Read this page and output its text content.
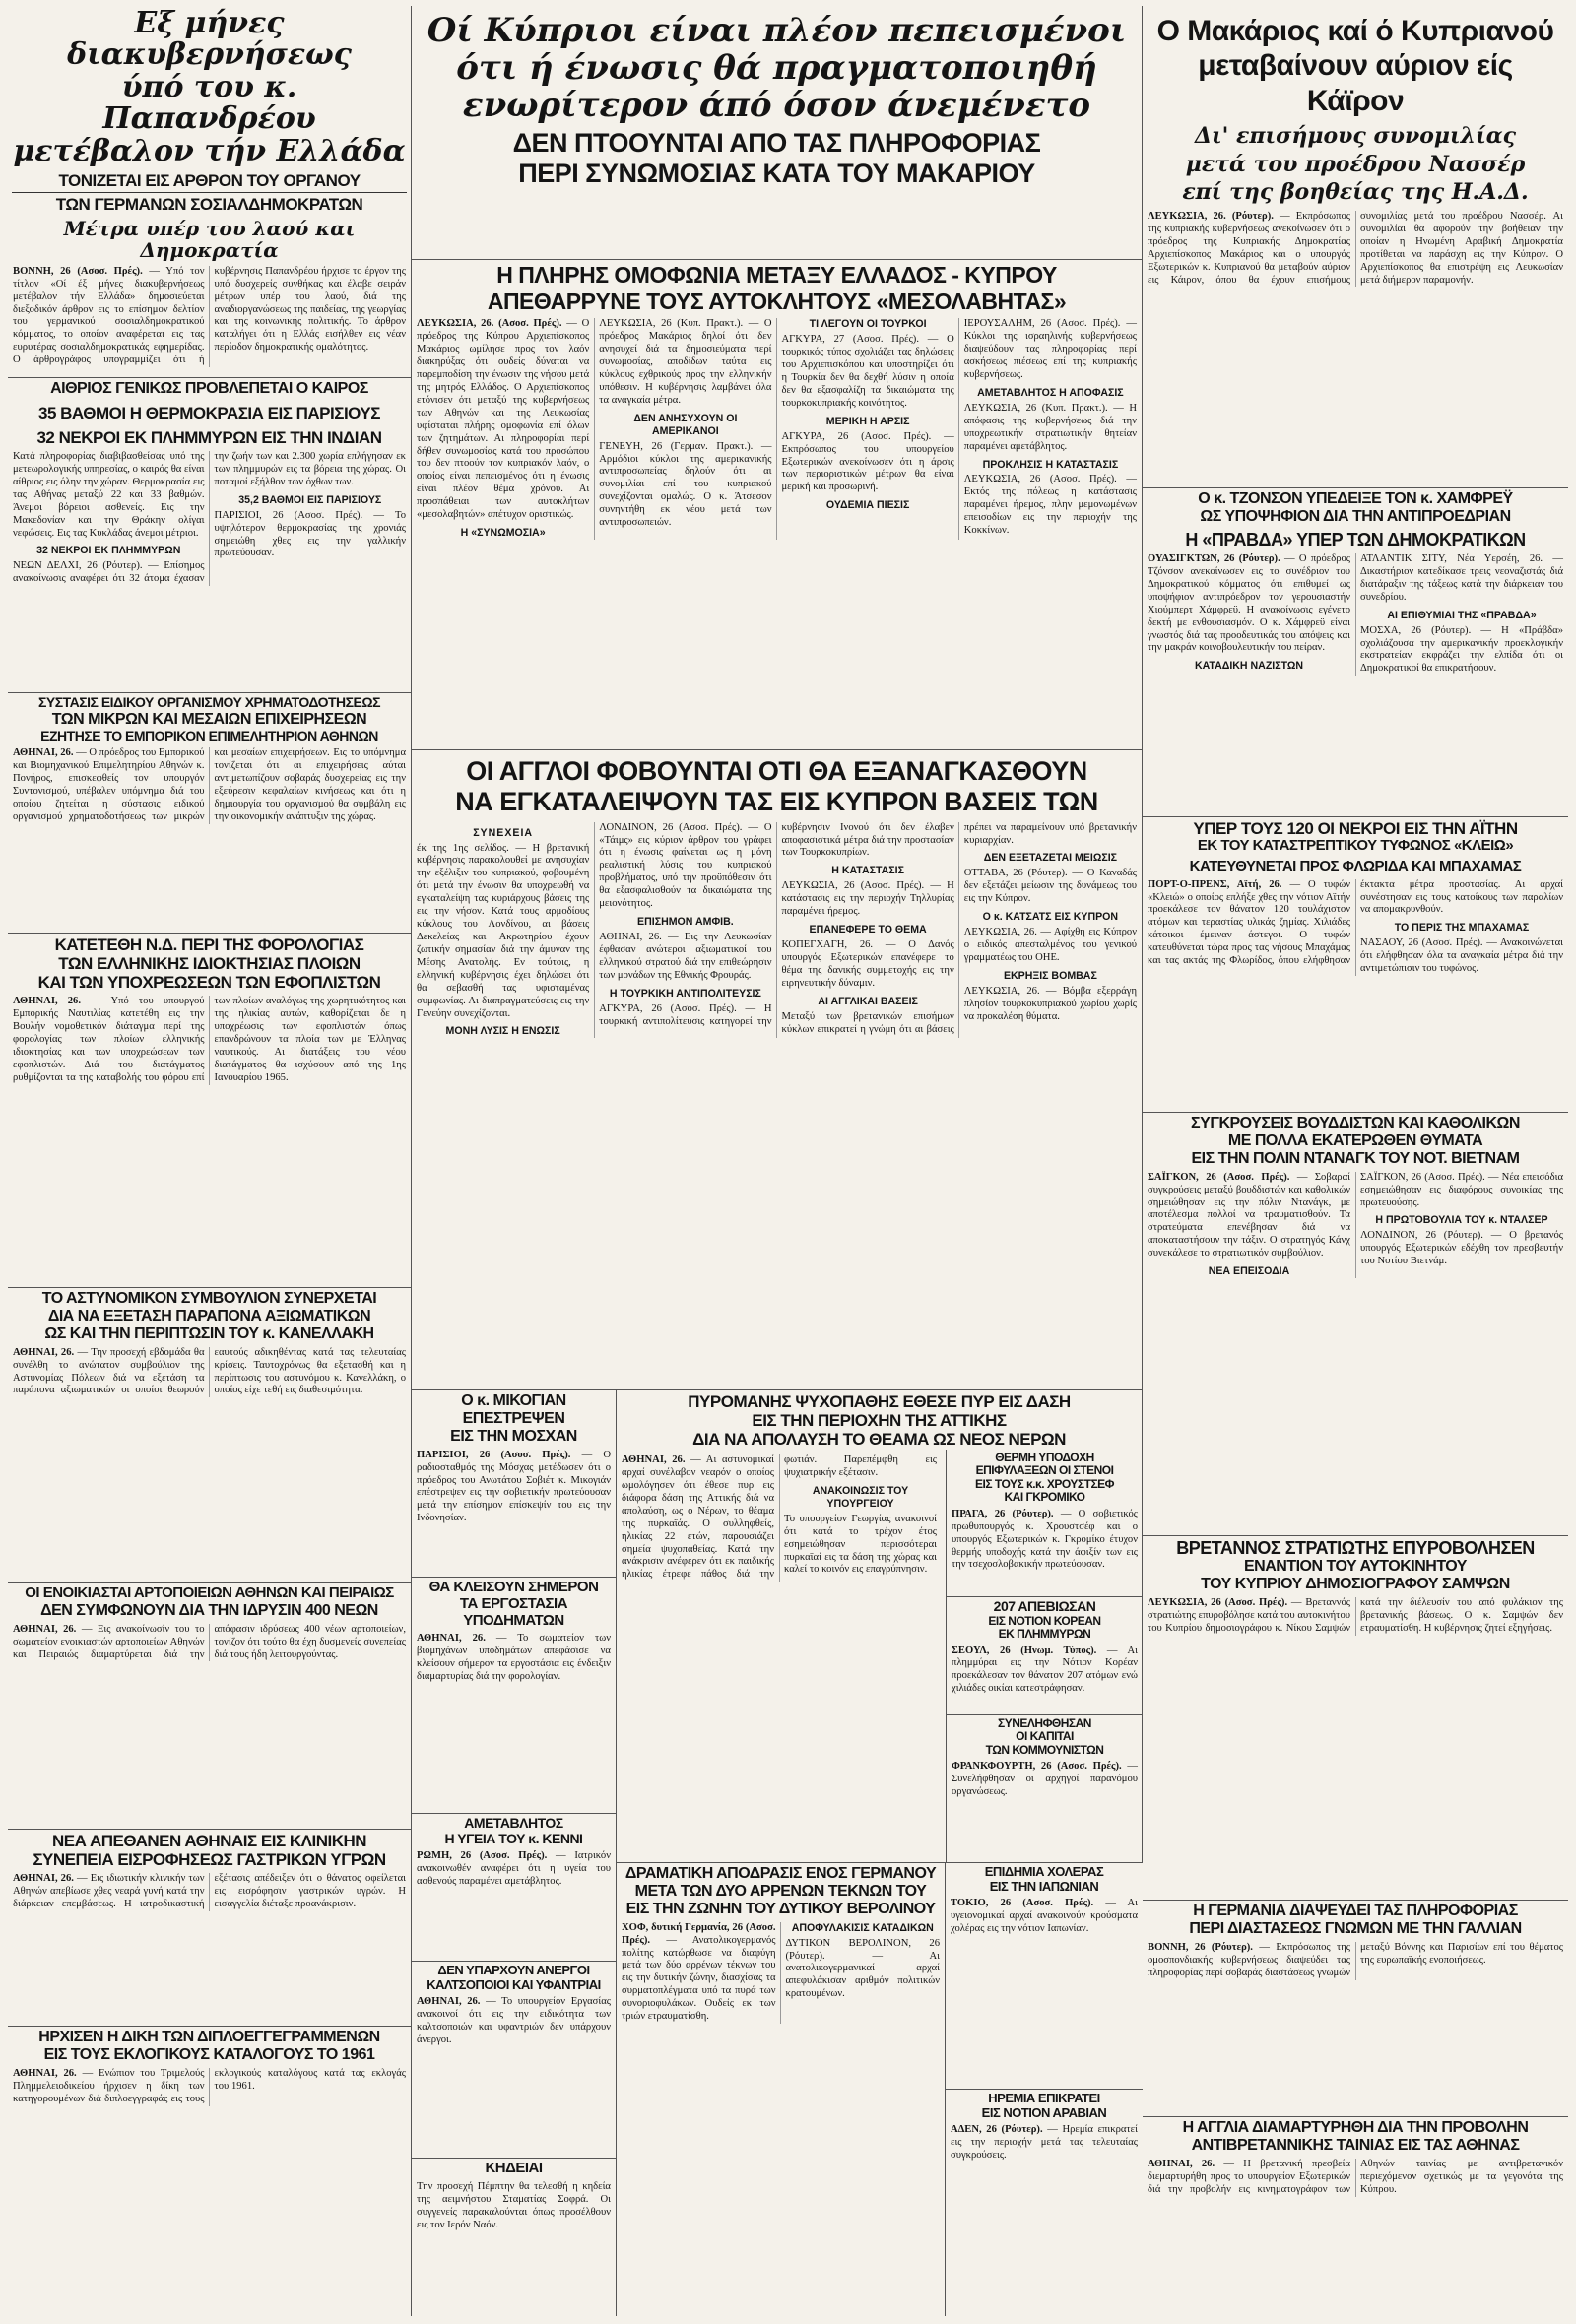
Εξ μήνες διακυβερνήσεως
ύπό του κ. Παπανδρέου
μετέβαλον τήν Ελλάδα
ΤΟΝΙΖΕΤΑΙ ΕΙΣ ΑΡΘΡΟΝ ΤΟΥ ΟΡΓΑΝΟΥ
ΤΩΝ ΓΕΡΜΑΝΩΝ ΣΟΣΙΑΛΔΗΜΟΚΡΑΤΩΝ
Μέτρα υπέρ του λαού και Δημοκρατία
ΒΟΝΝΗ, 26 (Ασοσ. Πρές). — Υπό τον τίτλον «Οί έξ μήνες διακυβερνήσεως μετέβαλον τήν Ελλάδα» δημοσιεύεται διεξοδικόν άρθρον εις το επίσημον δελτίον του γερμανικού σοσιαλδημοκρατικού κόμματος, το οποίον αναφέρεται εις τας ευρυτέρας σοσιαλδημοκρατικάς εφημερίδας. Ο άρθρογράφος υπογραμμίζει ότι ή κυβέρνησις Παπανδρέου ήρχισε το έργον της υπό δυσχερείς συνθήκας και έλαβε σειράν μέτρων υπέρ του λαού, διά της αναδιοργανώσεως της παιδείας, της γεωργίας και της κοινωνικής πολιτικής. Το άρθρον καταλήγει ότι η Ελλάς εισήλθεν εις νέαν περίοδον δημοκρατικής ομαλότητος.
ΑΙΘΡΙΟΣ ΓΕΝΙΚΩΣ ΠΡΟΒΛΕΠΕΤΑΙ Ο ΚΑΙΡΟΣ
35 ΒΑΘΜΟΙ Η ΘΕΡΜΟΚΡΑΣΙΑ ΕΙΣ ΠΑΡΙΣΙΟΥΣ
32 ΝΕΚΡΟΙ ΕΚ ΠΛΗΜΜΥΡΩΝ ΕΙΣ ΤΗΝ ΙΝΔΙΑΝ
Κατά πληροφορίας διαβιβασθείσας υπό της μετεωρολογικής υπηρεσίας, ο καιρός θα είναι αίθριος εις όλην την χώραν. Θερμοκρασία εις τας Αθήνας μεταξύ 22 και 33 βαθμών. Άνεμοι βόρειοι ασθενείς. Εις την Μακεδονίαν και την Θράκην ολίγαι νεφώσεις. Εις τας Κυκλάδας άνεμοι μέτριοι.
32 ΝΕΚΡΟΙ ΕΚ ΠΛΗΜΜΥΡΩΝ
ΝΕΩΝ ΔΕΛΧΙ, 26 (Ρόυτερ). — Επίσημος ανακοίνωσις αναφέρει ότι 32 άτομα έχασαν την ζωήν των και 2.300 χωρία επλήγησαν εκ των πλημμυρών εις τα βόρεια της χώρας. Οι ποταμοί εξήλθον των όχθων των.
35,2 ΒΑΘΜΟΙ ΕΙΣ ΠΑΡΙΣΙΟΥΣ
ΠΑΡΙΣΙΟΙ, 26 (Ασοσ. Πρές). — Το υψηλότερον θερμοκρασίας της χρονιάς σημειώθη χθες εις την γαλλικήν πρωτεύουσαν.
ΣΥΣΤΑΣΙΣ ΕΙΔΙΚΟΥ ΟΡΓΑΝΙΣΜΟΥ ΧΡΗΜΑΤΟΔΟΤΗΣΕΩΣ
ΤΩΝ ΜΙΚΡΩΝ ΚΑΙ ΜΕΣΑΙΩΝ ΕΠΙΧΕΙΡΗΣΕΩΝ
ΕΖΗΤΗΣΕ ΤΟ ΕΜΠΟΡΙΚΟΝ ΕΠΙΜΕΛΗΤΗΡΙΟΝ ΑΘΗΝΩΝ
ΑΘΗΝΑΙ, 26. — Ο πρόεδρος του Εμπορικού και Βιομηχανικού Επιμελητηρίου Αθηνών κ. Πονήρος, επισκεφθείς τον υπουργόν Συντονισμού, υπέβαλεν υπόμνημα διά του οποίου ζητείται η σύστασις ειδικού οργανισμού χρηματοδοτήσεως των μικρών και μεσαίων επιχειρήσεων. Εις το υπόμνημα τονίζεται ότι αι επιχειρήσεις αύται αντιμετωπίζουν σοβαράς δυσχερείας εις την εξεύρεσιν κεφαλαίων κινήσεως και ότι η δημιουργία του οργανισμού θα συμβάλη εις την οικονομικήν ανάπτυξιν της χώρας.
ΚΑΤΕΤΕΘΗ Ν.Δ. ΠΕΡΙ ΤΗΣ ΦΟΡΟΛΟΓΙΑΣ
ΤΩΝ ΕΛΛΗΝΙΚΗΣ ΙΔΙΟΚΤΗΣΙΑΣ ΠΛΟΙΩΝ
ΚΑΙ ΤΩΝ ΥΠΟΧΡΕΩΣΕΩΝ ΤΩΝ ΕΦΟΠΛΙΣΤΩΝ
ΑΘΗΝΑΙ, 26. — Υπό του υπουργού Εμπορικής Ναυτιλίας κατετέθη εις την Βουλήν νομοθετικόν διάταγμα περί της φορολογίας των πλοίων ελληνικής ιδιοκτησίας και των υποχρεώσεων των εφοπλιστών. Διά του διατάγματος ρυθμίζονται τα της καταβολής του φόρου επί των πλοίων αναλόγως της χωρητικότητος και της ηλικίας αυτών, καθορίζεται δε η υποχρέωσις των εφοπλιστών όπως επανδρώνουν τα πλοία των με Έλληνας ναυτικούς. Αι διατάξεις του νέου διατάγματος θα ισχύσουν από της 1ης Ιανουαρίου 1965.
ΤΟ ΑΣΤΥΝΟΜΙΚΟΝ ΣΥΜΒΟΥΛΙΟΝ ΣΥΝΕΡΧΕΤΑΙ
ΔΙΑ ΝΑ ΕΞΕΤΑΣΗ ΠΑΡΑΠΟΝΑ ΑΞΙΩΜΑΤΙΚΩΝ
ΩΣ ΚΑΙ ΤΗΝ ΠΕΡΙΠΤΩΣΙΝ ΤΟΥ κ. ΚΑΝΕΛΛΑΚΗ
ΑΘΗΝΑΙ, 26. — Την προσεχή εβδομάδα θα συνέλθη το ανώτατον συμβούλιον της Αστυνομίας Πόλεων διά να εξετάση τα παράπονα αξιωματικών οι οποίοι θεωρούν εαυτούς αδικηθέντας κατά τας τελευταίας κρίσεις. Ταυτοχρόνως θα εξετασθή και η περίπτωσις του αστυνόμου κ. Κανελλάκη, ο οποίος είχε τεθή εις διαθεσιμότητα.
ΟΙ ΕΝΟΙΚΙΑΣΤΑΙ ΑΡΤΟΠΟΙΕΙΩΝ ΑΘΗΝΩΝ ΚΑΙ ΠΕΙΡΑΙΩΣ
ΔΕΝ ΣΥΜΦΩΝΟΥΝ ΔΙΑ ΤΗΝ ΙΔΡΥΣΙΝ 400 ΝΕΩΝ
ΑΘΗΝΑΙ, 26. — Εις ανακοίνωσίν του το σωματείον ενοικιαστών αρτοποιείων Αθηνών και Πειραιώς διαμαρτύρεται διά την απόφασιν ιδρύσεως 400 νέων αρτοποιείων, τονίζον ότι τούτο θα έχη δυσμενείς συνεπείας διά τους ήδη λειτουργούντας.
ΝΕΑ ΑΠΕΘΑΝΕΝ ΑΘΗΝΑΙΣ ΕΙΣ ΚΛΙΝΙΚΗΝ
ΣΥΝΕΠΕΙΑ ΕΙΣΡΟΦΗΣΕΩΣ ΓΑΣΤΡΙΚΩΝ ΥΓΡΩΝ
ΑΘΗΝΑΙ, 26. — Εις ιδιωτικήν κλινικήν των Αθηνών απεβίωσε χθες νεαρά γυνή κατά την διάρκειαν επεμβάσεως. Η ιατροδικαστική εξέτασις απέδειξεν ότι ο θάνατος οφείλεται εις εισρόφησιν γαστρικών υγρών. Η εισαγγελία διέταξε προανάκρισιν.
ΗΡΧΙΣΕΝ Η ΔΙΚΗ ΤΩΝ ΔΙΠΛΟΕΓΓΕΓΡΑΜΜΕΝΩΝ
ΕΙΣ ΤΟΥΣ ΕΚΛΟΓΙΚΟΥΣ ΚΑΤΑΛΟΓΟΥΣ ΤΟ 1961
ΑΘΗΝΑΙ, 26. — Ενώπιον του Τριμελούς Πλημμελειοδικείου ήρχισεν η δίκη των κατηγορουμένων διά διπλοεγγραφάς εις τους εκλογικούς καταλόγους κατά τας εκλογάς του 1961.
Οί Κύπριοι είναι πλέον πεπεισμένοι
ότι ή ένωσις θά πραγματοποιηθή
ενωρίτερον άπό όσον άνεμένετο
ΔΕΝ ΠΤΟΟΥΝΤΑΙ ΑΠΟ ΤΑΣ ΠΛΗΡΟΦΟΡΙΑΣ
ΠΕΡΙ ΣΥΝΩΜΟΣΙΑΣ ΚΑΤΑ ΤΟΥ ΜΑΚΑΡΙΟΥ
Η ΠΛΗΡΗΣ ΟΜΟΦΩΝΙΑ ΜΕΤΑΞΥ ΕΛΛΑΔΟΣ - ΚΥΠΡΟΥ
ΑΠΕΘΑΡΡΥΝΕ ΤΟΥΣ ΑΥΤΟΚΛΗΤΟΥΣ «ΜΕΣΟΛΑΒΗΤΑΣ»
ΛΕΥΚΩΣΙΑ, 26. (Ασοσ. Πρές). — Ο πρόεδρος της Κύπρου Αρχιεπίσκοπος Μακάριος ωμίλησε προς τον λαόν διακηρύξας ότι ουδείς δύναται να παρεμποδίση την ένωσιν της νήσου μετά της μητρός Ελλάδος. Ο Αρχιεπίσκοπος ετόνισεν ότι μεταξύ της κυβερνήσεως των Αθηνών και της Λευκωσίας υφίσταται πλήρης ομοφωνία επί όλων των ζητημάτων. Αι πληροφορίαι περί δήθεν συνωμοσίας κατά του προσώπου του δεν πτοούν τον κυπριακόν λαόν, ο οποίος είναι πεπεισμένος ότι η ένωσις είναι πλέον θέμα χρόνου. Αι προσπάθειαι των αυτοκλήτων «μεσολαβητών» απέτυχον οριστικώς.
Η «ΣΥΝΩΜΟΣΙΑ»
ΛΕΥΚΩΣΙΑ, 26 (Κυπ. Πρακτ.). — Ο πρόεδρος Μακάριος δηλοί ότι δεν ανησυχεί διά τα δημοσιεύματα περί συνωμοσίας, αποδίδων ταύτα εις κύκλους εχθρικούς προς την ελληνικήν υπόθεσιν. Η κυβέρνησις λαμβάνει όλα τα αναγκαία μέτρα.
ΔΕΝ ΑΝΗΣΥΧΟΥΝ ΟΙ ΑΜΕΡΙΚΑΝΟΙ
ΓΕΝΕΥΗ, 26 (Γερμαν. Πρακτ.). — Αρμόδιοι κύκλοι της αμερικανικής αντιπροσωπείας δηλούν ότι αι συνομιλίαι επί του κυπριακού συνεχίζονται ομαλώς. Ο κ. Άτσεσον συνηντήθη εκ νέου μετά των αντιπροσωπειών.
ΤΙ ΛΕΓΟΥΝ ΟΙ ΤΟΥΡΚΟΙ
ΑΓΚΥΡΑ, 27 (Ασοσ. Πρές). — Ο τουρκικός τύπος σχολιάζει τας δηλώσεις του Αρχιεπισκόπου και υποστηρίζει ότι η Τουρκία δεν θα δεχθή λύσιν η οποία δεν θα εξασφαλίζη τα δικαιώματα της τουρκοκυπριακής κοινότητος.
ΜΕΡΙΚΗ Η ΑΡΣΙΣ
ΑΓΚΥΡΑ, 26 (Ασοσ. Πρές). — Εκπρόσωπος του υπουργείου Εξωτερικών ανεκοίνωσεν ότι η άρσις των περιοριστικών μέτρων θα είναι μερική και προσωρινή.
ΟΥΔΕΜΙΑ ΠΙΕΣΙΣ
ΙΕΡΟΥΣΑΛΗΜ, 26 (Ασοσ. Πρές). — Κύκλοι της ισραηλινής κυβερνήσεως διαψεύδουν τας πληροφορίας περί ασκήσεως πιέσεως επί της κυπριακής κυβερνήσεως.
ΑΜΕΤΑΒΛΗΤΟΣ Η ΑΠΟΦΑΣΙΣ
ΛΕΥΚΩΣΙΑ, 26 (Κυπ. Πρακτ.). — Η απόφασις της κυβερνήσεως διά την υποχρεωτικήν στρατιωτικήν θητείαν παραμένει αμετάβλητος.
ΠΡΟΚΛΗΣΙΣ Η ΚΑΤΑΣΤΑΣΙΣ
ΛΕΥΚΩΣΙΑ, 26 (Ασοσ. Πρές). — Εκτός της πόλεως η κατάστασις παραμένει ήρεμος, πλην μεμονωμένων επεισοδίων εις την περιοχήν της Κοκκίνων.
Ο Μακάριος καί ό Κυπριανού
μεταβαίνουν αύριον είς Κάϊρον
Δι' επισήμους συνομιλίας
μετά του προέδρου Νασσέρ
επί της βοηθείας της Η.Α.Δ.
ΛΕΥΚΩΣΙΑ, 26. (Ρόυτερ). — Εκπρόσωπος της κυπριακής κυβερνήσεως ανεκοίνωσεν ότι ο πρόεδρος της Κυπριακής Δημοκρατίας Αρχιεπίσκοπος Μακάριος και ο υπουργός Εξωτερικών κ. Κυπριανού θα μεταβούν αύριον εις Κάιρον, όπου θα έχουν επισήμους συνομιλίας μετά του προέδρου Νασσέρ. Αι συνομιλίαι θα αφορούν την βοήθειαν την οποίαν η Ηνωμένη Αραβική Δημοκρατία προτίθεται να παράσχη εις την Κύπρον. Ο Αρχιεπίσκοπος θα επιστρέψη εις Λευκωσίαν μετά διήμερον παραμονήν.
Ο κ. ΤΖΟΝΣΟΝ ΥΠΕΔΕΙΞΕ ΤΟΝ κ. ΧΑΜΦΡΕΫ
ΩΣ ΥΠΟΨΗΦΙΟΝ ΔΙΑ ΤΗΝ ΑΝΤΙΠΡΟΕΔΡΙΑΝ
Η «ΠΡΑΒΔΑ» ΥΠΕΡ ΤΩΝ ΔΗΜΟΚΡΑΤΙΚΩΝ
ΟΥΑΣΙΓΚΤΩΝ, 26 (Ρόυτερ). — Ο πρόεδρος Τζόνσον ανεκοίνωσεν εις το συνέδριον του Δημοκρατικού κόμματος ότι επιθυμεί ως υποψήφιον αντιπρόεδρον τον γερουσιαστήν Χιούμπερτ Χάμφρεϋ. Η ανακοίνωσις εγένετο δεκτή με ενθουσιασμόν. Ο κ. Χάμφρεϋ είναι γνωστός διά τας προοδευτικάς του απόψεις και την μακράν κοινοβουλευτικήν του πείραν.
ΚΑΤΑΔΙΚΗ ΝΑΖΙΣΤΩΝ
ΑΤΛΑΝΤΙΚ ΣΙΤΥ, Νέα Υερσέη, 26. — Δικαστήριον κατεδίκασε τρεις νεοναζιστάς διά διατάραξιν της τάξεως κατά την διάρκειαν του συνεδρίου.
ΑΙ ΕΠΙΘΥΜΙΑΙ ΤΗΣ «ΠΡΑΒΔΑ»
ΜΟΣΧΑ, 26 (Ρόυτερ). — Η «Πράβδα» σχολιάζουσα την αμερικανικήν προεκλογικήν εκστρατείαν εκφράζει την ελπίδα ότι οι Δημοκρατικοί θα επικρατήσουν.
ΟΙ ΑΓΓΛΟΙ ΦΟΒΟΥΝΤΑΙ ΟΤΙ ΘΑ ΕΞΑΝΑΓΚΑΣΘΟΥΝ
ΝΑ ΕΓΚΑΤΑΛΕΙΨΟΥΝ ΤΑΣ ΕΙΣ ΚΥΠΡΟΝ ΒΑΣΕΙΣ ΤΩΝ
ΣΥΝΕΧΕΙΑ
έκ της 1ης σελίδος. — Η βρετανική κυβέρνησις παρακολουθεί με ανησυχίαν την εξέλιξιν του κυπριακού, φοβουμένη ότι μετά την ένωσιν θα υποχρεωθή να εγκαταλείψη τας κυριάρχους βάσεις της εις την νήσον. Κατά τους αρμοδίους κύκλους του Λονδίνου, αι βάσεις Δεκελείας και Ακρωτηρίου έχουν ζωτικήν σημασίαν διά την άμυναν της Μέσης Ανατολής. Εν τούτοις, η ελληνική κυβέρνησις έχει δηλώσει ότι θα σεβασθή τας υφισταμένας συμφωνίας. Αι διαπραγματεύσεις εις την Γενεύην συνεχίζονται.
ΜΟΝΗ ΛΥΣΙΣ Η ΕΝΩΣΙΣ
ΛΟΝΔΙΝΟΝ, 26 (Ασοσ. Πρές). — Ο «Τάιμς» εις κύριον άρθρον του γράφει ότι η ένωσις φαίνεται ως η μόνη ρεαλιστική λύσις του κυπριακού προβλήματος, υπό την προϋπόθεσιν ότι θα εξασφαλισθούν τα δικαιώματα της μειονότητος.
ΕΠΙΣΗΜΟΝ ΑΜΦΙΒ.
ΑΘΗΝΑΙ, 26. — Εις την Λευκωσίαν έφθασαν ανώτεροι αξιωματικοί του ελληνικού στρατού διά την επιθεώρησιν των μονάδων της Εθνικής Φρουράς.
Η ΤΟΥΡΚΙΚΗ ΑΝΤΙΠΟΛΙΤΕΥΣΙΣ
ΑΓΚΥΡΑ, 26 (Ασοσ. Πρές). — Η τουρκική αντιπολίτευσις κατηγορεί την κυβέρνησιν Ινονού ότι δεν έλαβεν αποφασιστικά μέτρα διά την προστασίαν των Τουρκοκυπρίων.
Η ΚΑΤΑΣΤΑΣΙΣ
ΛΕΥΚΩΣΙΑ, 26 (Ασοσ. Πρές). — Η κατάστασις εις την περιοχήν Τηλλυρίας παραμένει ήρεμος.
ΕΠΑΝΕΦΕΡΕ ΤΟ ΘΕΜΑ
ΚΟΠΕΓΧΑΓΗ, 26. — Ο Δανός υπουργός Εξωτερικών επανέφερε το θέμα της δανικής συμμετοχής εις την ειρηνευτικήν δύναμιν.
ΑΙ ΑΓΓΛΙΚΑΙ ΒΑΣΕΙΣ
Μεταξύ των βρετανικών επισήμων κύκλων επικρατεί η γνώμη ότι αι βάσεις πρέπει να παραμείνουν υπό βρετανικήν κυριαρχίαν.
ΔΕΝ ΕΞΕΤΑΖΕΤΑΙ ΜΕΙΩΣΙΣ
ΟΤΤΑΒΑ, 26 (Ρόυτερ). — Ο Καναδάς δεν εξετάζει μείωσιν της δυνάμεως του εις την Κύπρον.
Ο κ. ΚΑΤΣΑΤΣ ΕΙΣ ΚΥΠΡΟΝ
ΛΕΥΚΩΣΙΑ, 26. — Αφίχθη εις Κύπρον ο ειδικός απεσταλμένος του γενικού γραμματέως του ΟΗΕ.
ΕΚΡΗΞΙΣ ΒΟΜΒΑΣ
ΛΕΥΚΩΣΙΑ, 26. — Βόμβα εξερράγη πλησίον τουρκοκυπριακού χωρίου χωρίς να προκαλέση θύματα.
ΥΠΕΡ ΤΟΥΣ 120 ΟΙ ΝΕΚΡΟΙ ΕΙΣ ΤΗΝ ΑΪΤΗΝ
ΕΚ ΤΟΥ ΚΑΤΑΣΤΡΕΠΤΙΚΟΥ ΤΥΦΩΝΟΣ «ΚΛΕΙΩ»
ΚΑΤΕΥΘΥΝΕΤΑΙ ΠΡΟΣ ΦΛΩΡΙΔΑ ΚΑΙ ΜΠΑΧΑΜΑΣ
ΠΟΡΤ-Ο-ΠΡΕΝΣ, Αϊτή, 26. — Ο τυφών «Κλειώ» ο οποίος επλήξε χθες την νότιον Αϊτήν προεκάλεσε τον θάνατον 120 τουλάχιστον ατόμων και τεραστίας υλικάς ζημίας. Χιλιάδες κάτοικοι έμειναν άστεγοι. Ο τυφών κατευθύνεται τώρα προς τας νήσους Μπαχάμας και τας ακτάς της Φλωρίδος, όπου ελήφθησαν έκτακτα μέτρα προστασίας. Αι αρχαί συνέστησαν εις τους κατοίκους των παραλίων να απομακρυνθούν.
ΤΟ ΠΕΡΙΣ ΤΗΣ ΜΠΑΧΑΜΑΣ
ΝΑΣΑΟΥ, 26 (Ασοσ. Πρές). — Ανακοινώνεται ότι ελήφθησαν όλα τα αναγκαία μέτρα διά την αντιμετώπισιν του τυφώνος.
ΣΥΓΚΡΟΥΣΕΙΣ ΒΟΥΔΔΙΣΤΩΝ ΚΑΙ ΚΑΘΟΛΙΚΩΝ
ΜΕ ΠΟΛΛΑ ΕΚΑΤΕΡΩΘΕΝ ΘΥΜΑΤΑ
ΕΙΣ ΤΗΝ ΠΟΛΙΝ ΝΤΑΝΑΓΚ ΤΟΥ ΝΟΤ. ΒΙΕΤΝΑΜ
ΣΑΪΓΚΟΝ, 26 (Ασοσ. Πρές). — Σοβαραί συγκρούσεις μεταξύ βουδδιστών και καθολικών σημειώθησαν εις την πόλιν Ντανάγκ, με αποτέλεσμα πολλοί να τραυματισθούν. Τα στρατεύματα επενέβησαν διά να αποκαταστήσουν την τάξιν. Ο στρατηγός Κάνχ συνεκάλεσε το στρατιωτικόν συμβούλιον.
ΝΕΑ ΕΠΕΙΣΟΔΙΑ
ΣΑΪΓΚΟΝ, 26 (Ασοσ. Πρές). — Νέα επεισόδια εσημειώθησαν εις διαφόρους συνοικίας της πρωτευούσης.
Η ΠΡΩΤΟΒΟΥΛΙΑ ΤΟΥ κ. ΝΤΑΛΣΕΡ
ΛΟΝΔΙΝΟΝ, 26 (Ρόυτερ). — Ο βρετανός υπουργός Εξωτερικών εδέχθη τον πρεσβευτήν του Νοτίου Βιετνάμ.
ΒΡΕΤΑΝΝΟΣ ΣΤΡΑΤΙΩΤΗΣ ΕΠΥΡΟΒΟΛΗΣΕΝ
ΕΝΑΝΤΙΟΝ ΤΟΥ ΑΥΤΟΚΙΝΗΤΟΥ
ΤΟΥ ΚΥΠΡΙΟΥ ΔΗΜΟΣΙΟΓΡΑΦΟΥ ΣΑΜΨΩΝ
ΛΕΥΚΩΣΙΑ, 26 (Ασοσ. Πρές). — Βρεταννός στρατιώτης επυροβόλησε κατά του αυτοκινήτου του Κυπρίου δημοσιογράφου κ. Νίκου Σαμψών κατά την διέλευσίν του από φυλάκιον της βρετανικής βάσεως. Ο κ. Σαμψών δεν ετραυματίσθη. Η κυβέρνησις ζητεί εξηγήσεις.
Η ΓΕΡΜΑΝΙΑ ΔΙΑΨΕΥΔΕΙ ΤΑΣ ΠΛΗΡΟΦΟΡΙΑΣ
ΠΕΡΙ ΔΙΑΣΤΑΣΕΩΣ ΓΝΩΜΩΝ ΜΕ ΤΗΝ ΓΑΛΛΙΑΝ
ΒΟΝΝΗ, 26 (Ρόυτερ). — Εκπρόσωπος της ομοσπονδιακής κυβερνήσεως διαψεύδει τας πληροφορίας περί σοβαράς διαστάσεως γνωμών μεταξύ Βόννης και Παρισίων επί του θέματος της ευρωπαϊκής ενοποιήσεως.
Η ΑΓΓΛΙΑ ΔΙΑΜΑΡΤΥΡΗΘΗ ΔΙΑ ΤΗΝ ΠΡΟΒΟΛΗΝ
ΑΝΤΙΒΡΕΤΑΝΝΙΚΗΣ ΤΑΙΝΙΑΣ ΕΙΣ ΤΑΣ ΑΘΗΝΑΣ
ΑΘΗΝΑΙ, 26. — Η βρετανική πρεσβεία διεμαρτυρήθη προς το υπουργείον Εξωτερικών διά την προβολήν εις κινηματογράφον των Αθηνών ταινίας με αντιβρετανικόν περιεχόμενον σχετικώς με τα γεγονότα της Κύπρου.
Ο κ. ΜΙΚΟΓΙΑΝ
ΕΠΕΣΤΡΕΨΕΝ
ΕΙΣ ΤΗΝ ΜΟΣΧΑΝ
ΠΑΡΙΣΙΟΙ, 26 (Ασοσ. Πρές). — Ο ραδιοσταθμός της Μόσχας μετέδωσεν ότι ο πρόεδρος του Ανωτάτου Σοβιέτ κ. Μικογιάν επέστρεψεν εις την σοβιετικήν πρωτεύουσαν μετά την επίσημον επίσκεψίν του εις την Ινδονησίαν.
ΘΑ ΚΛΕΙΣΟΥΝ ΣΗΜΕΡΟΝ
ΤΑ ΕΡΓΟΣΤΑΣΙΑ
ΥΠΟΔΗΜΑΤΩΝ
ΑΘΗΝΑΙ, 26. — Το σωματείον των βιομηχάνων υποδημάτων απεφάσισε να κλείσουν σήμερον τα εργοστάσια εις ένδειξιν διαμαρτυρίας διά την φορολογίαν.
ΑΜΕΤΑΒΛΗΤΟΣ
Η ΥΓΕΙΑ ΤΟΥ κ. ΚΕΝΝΙ
ΡΩΜΗ, 26 (Ασοσ. Πρές). — Ιατρικόν ανακοινωθέν αναφέρει ότι η υγεία του ασθενούς παραμένει αμετάβλητος.
ΔΕΝ ΥΠΑΡΧΟΥΝ ΑΝΕΡΓΟΙ
ΚΑΛΤΣΟΠΟΙΟΙ ΚΑΙ ΥΦΑΝΤΡΙΑΙ
ΑΘΗΝΑΙ, 26. — Το υπουργείον Εργασίας ανακοινοί ότι εις την ειδικότητα των καλτσοποιών και υφαντριών δεν υπάρχουν άνεργοι.
ΚΗΔΕΙΑΙ
Την προσεχή Πέμπτην θα τελεσθή η κηδεία της αειμνήστου Σταματίας Σοφρά. Οι συγγενείς παρακαλούνται όπως προσέλθουν εις τον Ιερόν Ναόν.
ΠΥΡΟΜΑΝΗΣ ΨΥΧΟΠΑΘΗΣ ΕΘΕΣΕ ΠΥΡ ΕΙΣ ΔΑΣΗ
ΕΙΣ ΤΗΝ ΠΕΡΙΟΧΗΝ ΤΗΣ ΑΤΤΙΚΗΣ
ΔΙΑ ΝΑ ΑΠΟΛΑΥΣΗ ΤΟ ΘΕΑΜΑ ΩΣ ΝΕΟΣ ΝΕΡΩΝ
ΑΘΗΝΑΙ, 26. — Αι αστυνομικαί αρχαί συνέλαβον νεαρόν ο οποίος ωμολόγησεν ότι έθεσε πυρ εις διάφορα δάση της Αττικής διά να απολαύση, ως ο Νέρων, το θέαμα της πυρκαϊάς. Ο συλληφθείς, ηλικίας 22 ετών, παρουσιάζει σημεία ψυχοπαθείας. Κατά την ανάκρισιν ανέφερεν ότι εκ παιδικής ηλικίας έτρεφε πάθος διά την φωτιάν. Παρεπέμφθη εις ψυχιατρικήν εξέτασιν.
ΑΝΑΚΟΙΝΩΣΙΣ ΤΟΥ ΥΠΟΥΡΓΕΙΟΥ
Το υπουργείον Γεωργίας ανακοινοί ότι κατά το τρέχον έτος εσημειώθησαν περισσότεραι πυρκαϊαί εις τα δάση της χώρας και καλεί το κοινόν εις επαγρύπνησιν.
ΘΕΡΜΗ ΥΠΟΔΟΧΗ
ΕΠΙΦΥΛΑΞΕΩΝ ΟΙ ΣΤΕΝΟΙ
ΕΙΣ ΤΟΥΣ κ.κ. ΧΡΟΥΣΤΣΕΦ
ΚΑΙ ΓΚΡΟΜΙΚΟ
ΠΡΑΓΑ, 26 (Ρόυτερ). — Ο σοβιετικός πρωθυπουργός κ. Χρουστσέφ και ο υπουργός Εξωτερικών κ. Γκρομίκο έτυχον θερμής υποδοχής κατά την άφιξίν των εις την τσεχοσλοβακικήν πρωτεύουσαν.
207 ΑΠΕΒΙΩΣΑΝ
ΕΙΣ ΝΟΤΙΟΝ ΚΟΡΕΑΝ
ΕΚ ΠΛΗΜΜΥΡΩΝ
ΣΕΟΥΛ, 26 (Ηνωμ. Τύπος). — Αι πλημμύραι εις την Νότιον Κορέαν προεκάλεσαν τον θάνατον 207 ατόμων ενώ χιλιάδες οικίαι κατεστράφησαν.
ΣΥΝΕΛΗΦΘΗΣΑΝ
ΟΙ ΚΑΠΙΤΑΙ
ΤΩΝ ΚΟΜΜΟΥΝΙΣΤΩΝ
ΦΡΑΝΚΦΟΥΡΤΗ, 26 (Ασοσ. Πρές). — Συνελήφθησαν οι αρχηγοί παρανόμου οργανώσεως.
ΔΡΑΜΑΤΙΚΗ ΑΠΟΔΡΑΣΙΣ ΕΝΟΣ ΓΕΡΜΑΝΟΥ
ΜΕΤΑ ΤΩΝ ΔΥΟ ΑΡΡΕΝΩΝ ΤΕΚΝΩΝ ΤΟΥ
ΕΙΣ ΤΗΝ ΖΩΝΗΝ ΤΟΥ ΔΥΤΙΚΟΥ ΒΕΡΟΛΙΝΟΥ
ΧΟΦ, δυτική Γερμανία, 26 (Ασοσ. Πρές). — Ανατολικογερμανός πολίτης κατώρθωσε να διαφύγη μετά των δύο αρρένων τέκνων του εις την δυτικήν ζώνην, διασχίσας τα συρματοπλέγματα υπό τα πυρά των συνοριοφυλάκων. Ουδείς εκ των τριών ετραυματίσθη.
ΑΠΟΦΥΛΑΚΙΣΙΣ ΚΑΤΑΔΙΚΩΝ
ΔΥΤΙΚΟΝ ΒΕΡΟΛΙΝΟΝ, 26 (Ρόυτερ). — Αι ανατολικογερμανικαί αρχαί απεφυλάκισαν αριθμόν πολιτικών κρατουμένων.
ΕΠΙΔΗΜΙΑ ΧΟΛΕΡΑΣ
ΕΙΣ ΤΗΝ ΙΑΠΩΝΙΑΝ
ΤΟΚΙΟ, 26 (Ασοσ. Πρές). — Αι υγειονομικαί αρχαί ανακοινούν κρούσματα χολέρας εις την νότιον Ιαπωνίαν.
ΗΡΕΜΙΑ ΕΠΙΚΡΑΤΕΙ
ΕΙΣ ΝΟΤΙΟΝ ΑΡΑΒΙΑΝ
ΑΔΕΝ, 26 (Ρόυτερ). — Ηρεμία επικρατεί εις την περιοχήν μετά τας τελευταίας συγκρούσεις.
